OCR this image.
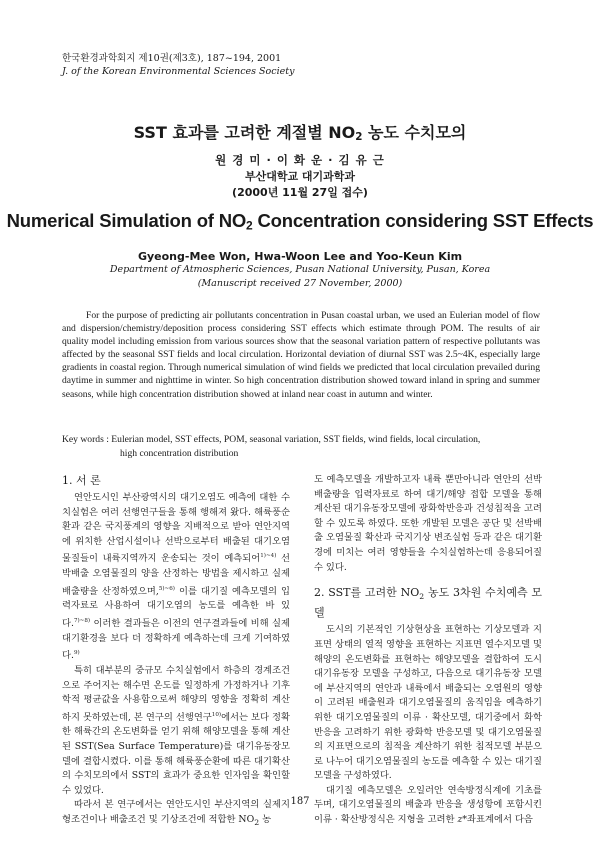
한국환경과학회지 제10권(제3호), 187~194, 2001
J. of the Korean Environmental Sciences Society
SST 효과를 고려한 계절별 $NO_2$ 농도 수치모의
원 경 미 · 이 화 운 · 김 유 근
부산대학교 대기과학과
(2000년 11월 27일 접수)
Numerical Simulation of $NO_2$ Concentration considering SST Effects
Gyeong-Mee Won, Hwa-Woon Lee and Yoo-Keun Kim
Department of Atmospheric Sciences, Pusan National University, Pusan, Korea
(Manuscript received 27 November, 2000)
For the purpose of predicting air pollutants concentration in Pusan coastal urban, we used an Eulerian model of flow and dispersion/chemistry/deposition process considering SST effects which estimate through POM. The results of air quality model including emission from various sources show that the seasonal variation pattern of respective pollutants was affected by the seasonal SST fields and local circulation. Horizontal deviation of diurnal SST was 2.5~4K, especially large gradients in coastal region. Through numerical simulation of wind fields we predicted that local circulation prevailed during daytime in summer and nighttime in winter. So high concentration distribution showed toward inland in spring and summer seasons, while high concentration distribution showed at inland near coast in autumn and winter.
Key words : Eulerian model, SST effects, POM, seasonal variation, SST fields, wind fields, local circulation,
high concentration distribution
1. 서 론

연안도시인 부산광역시의 대기오염도 예측에 대한 수치실험은 여러 선행연구들을 통해 행해져 왔다. 해륙풍순환과 같은 국지풍계의 영향을 지배적으로 받아 연안지역에 위치한 산업시설이나 선박으로부터 배출된 대기오염물질들이 내륙지역까지 운송되는 것이 예측되어$^{1)\sim 4)}$ 선박배출 오염물질의 양을 산정하는 방법을 제시하고 실제 배출량을 산정하였으며,$^{5)\sim 6)}$ 이를 대기질 예측모델의 입력자료로 사용하여 대기오염의 농도를 예측한 바 있다.$^{7)\sim 8)}$ 이러한 결과들은 이전의 연구결과들에 비해 실제 대기환경을 보다 더 정확하게 예측하는데 크게 기여하였다.$^{9)}$

특히 대부분의 중규모 수치실험에서 하층의 경계조건으로 주어지는 해수면 온도를 일정하게 가정하거나 기후학적 평균값을 사용함으로써 해양의 영향을 정확히 계산하지 못하였는데, 본 연구의 선행연구$^{10)}$에서는 보다 정확한 해륙간의 온도변화를 얻기 위해 해양모델을 통해 계산된 SST(Sea Surface Temperature)를 대기유동장모델에 결합시켰다. 이를 통해 해륙풍순환에 따른 대기확산의 수치모의에서 SST의 효과가 중요한 인자임을 확인할 수 있었다.

따라서 본 연구에서는 연안도시인 부산지역의 실제지형조건이나 배출조건 및 기상조건에 적합한 $NO_2$ 농

도 예측모델을 개발하고자 내륙 뿐만아니라 연안의 선박배출량을 입력자료로 하여 대기/해양 접합 모델을 통해 계산된 대기유동장모델에 광화학반응과 건성침적을 고려할 수 있도록 하였다. 또한 개발된 모델은 공단 및 선박배출 오염물질 확산과 국지기상 변조실험 등과 같은 대기환경에 미치는 여러 영향들을 수치실험하는데 응용되어질 수 있다.

2. SST를 고려한 $NO_2$ 농도 3차원 수치예측 모델

도시의 기본적인 기상현상을 표현하는 기상모델과 지표면 상태의 열적 영향을 표현하는 지표면 열수지모델 및 해양의 온도변화를 표현하는 해양모델을 결합하여 도시 대기유동장 모델을 구성하고, 다음으로 대기유동장 모델에 부산지역의 연안과 내륙에서 배출되는 오염원의 영향이 고려된 배출원과 대기오염물질의 움직임을 예측하기 위한 대기오염물질의 이류 · 확산모델, 대기중에서 화학반응을 고려하기 위한 광화학 반응모델 및 대기오염물질의 지표면으로의 침적을 계산하기 위한 침적모델 부분으로 나누어 대기오염물질의 농도를 예측할 수 있는 대기질 모델을 구성하였다.

대기질 예측모델은 오일러안 연속방정식계에 기초를 두며, 대기오염물질의 배출과 반응을 생성항에 포함시킨 이류 · 확산방정식은 지형을 고려한 z*좌표계에서 다음

187
